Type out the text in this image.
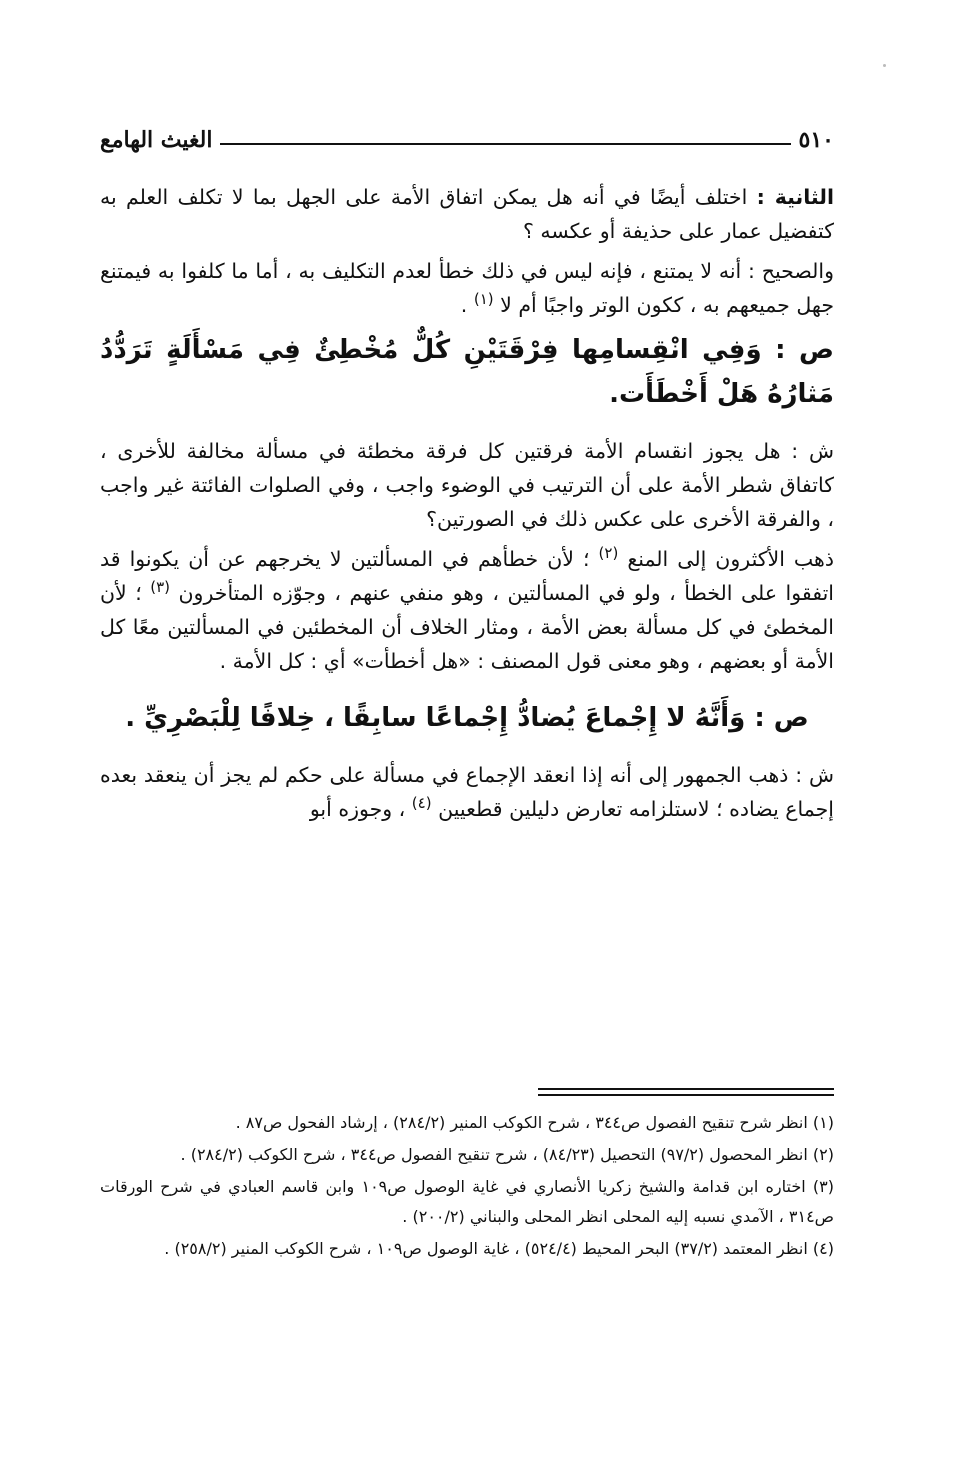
٥١٠
الغيث الهامع

الثانية : اختلف أيضًا في أنه هل يمكن اتفاق الأمة على الجهل بما لا تكلف العلم به كتفضيل عمار على حذيفة أو عكسه ؟

والصحيح : أنه لا يمتنع ، فإنه ليس في ذلك خطأ لعدم التكليف به ، أما ما كلفوا به فيمتنع جهل جميعهم به ، ككون الوتر واجبًا أم لا $^{(١)}$ .

ص : وَفِي انْقِسامِها فِرْقَتَيْنِ كُلٌّ مُخْطِئٌ فِي مَسْأَلَةٍ تَرَدُّدُ مَثارُهُ هَلْ أَخْطَأَت.

ش : هل يجوز انقسام الأمة فرقتين كل فرقة مخطئة في مسألة مخالفة للأخرى ، كاتفاق شطر الأمة على أن الترتيب في الوضوء واجب ، وفي الصلوات الفائتة غير واجب ، والفرقة الأخرى على عكس ذلك في الصورتين؟

ذهب الأكثرون إلى المنع $^{(٢)}$ ؛ لأن خطأهم في المسألتين لا يخرجهم عن أن يكونوا قد اتفقوا على الخطأ ، ولو في المسألتين ، وهو منفي عنهم ، وجوّزه المتأخرون $^{(٣)}$ ؛ لأن المخطئ في كل مسألة بعض الأمة ، ومثار الخلاف أن المخطئين في المسألتين معًا كل الأمة أو بعضهم ، وهو معنى قول المصنف : «هل أخطأت» أي : كل الأمة .

ص : وَأَنَّهُ لا إِجْماعَ يُضادُّ إِجْماعًا سابِقًا ، خِلافًا لِلْبَصْرِيِّ .

ش : ذهب الجمهور إلى أنه إذا انعقد الإجماع في مسألة على حكم لم يجز أن ينعقد بعده إجماع يضاده ؛ لاستلزامه تعارض دليلين قطعيين $^{(٤)}$ ، وجوزه أبو

(١) انظر شرح تنقيح الفصول ص٣٤٤ ، شرح الكوكب المنير (٢٨٤/٢) ، إرشاد الفحول ص٨٧ .

(٢) انظر المحصول (٩٧/٢) التحصيل (٨٤/٢٣) ، شرح تنقيح الفصول ص٣٤٤ ، شرح الكوكب (٢٨٤/٢) .

(٣) اختاره ابن قدامة والشيخ زكريا الأنصاري في غاية الوصول ص١٠٩ وابن قاسم العبادي في شرح الورقات ص٣١٤ ، الآمدي نسبه إليه المحلى انظر المحلى والبناني (٢٠٠/٢) .

(٤) انظر المعتمد (٣٧/٢) البحر المحيط (٥٢٤/٤) ، غاية الوصول ص١٠٩ ، شرح الكوكب المنير (٢٥٨/٢) .
